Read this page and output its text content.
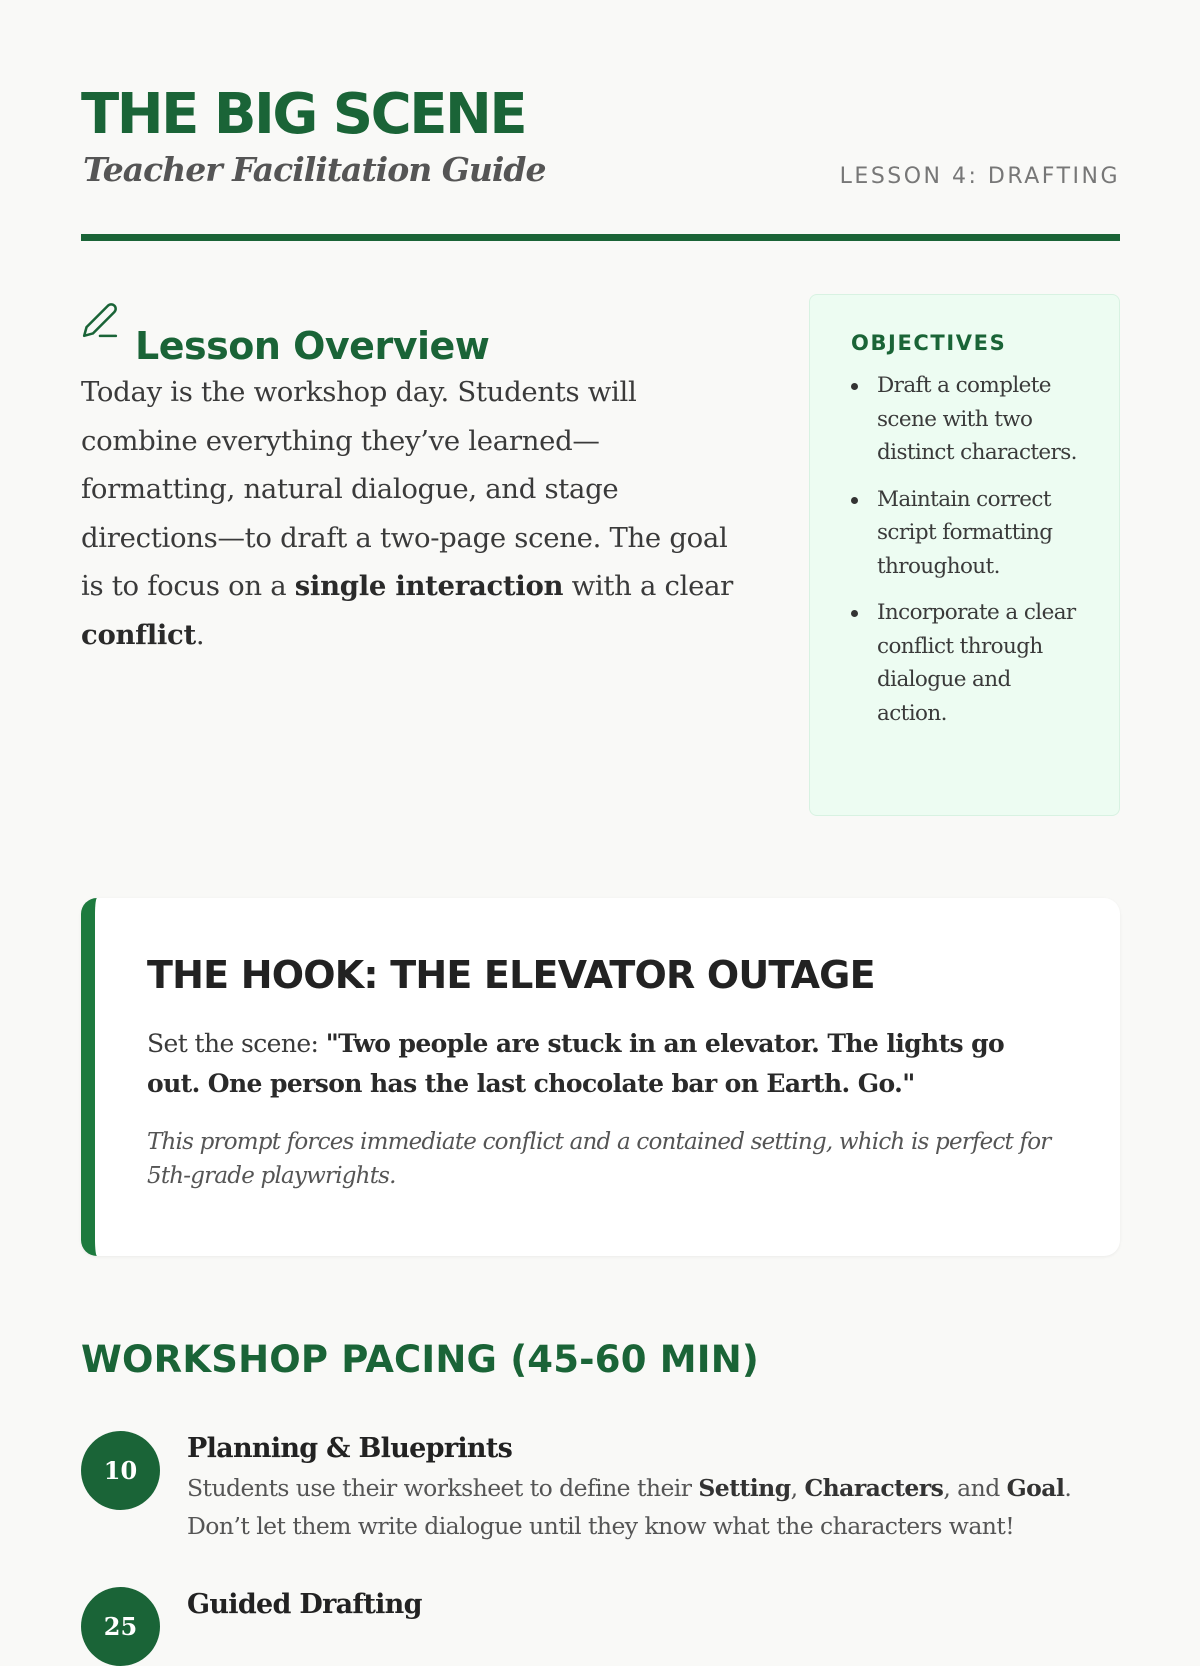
THE BIG SCENE
Teacher Facilitation Guide	LESSON 4: DRAFTING
Lesson Overview

Today is the workshop day. Students will combine everything they’ve learned—formatting, natural dialogue, and stage directions—to draft a two-page scene. The goal is to focus on a single interaction with a clear conflict.

OBJECTIVES
Draft a complete scene with two distinct characters.
Maintain correct script formatting throughout.
Incorporate a clear conflict through dialogue and action.
THE HOOK: THE ELEVATOR OUTAGE

Set the scene: "Two people are stuck in an elevator. The lights go out. One person has the last chocolate bar on Earth. Go."

This prompt forces immediate conflict and a contained setting, which is perfect for 5th-grade playwrights.

WORKSHOP PACING (45-60 MIN)
10
Planning & Blueprints

Students use their worksheet to define their Setting, Characters, and Goal. Don’t let them write dialogue until they know what the characters want!

25
Guided Drafting
